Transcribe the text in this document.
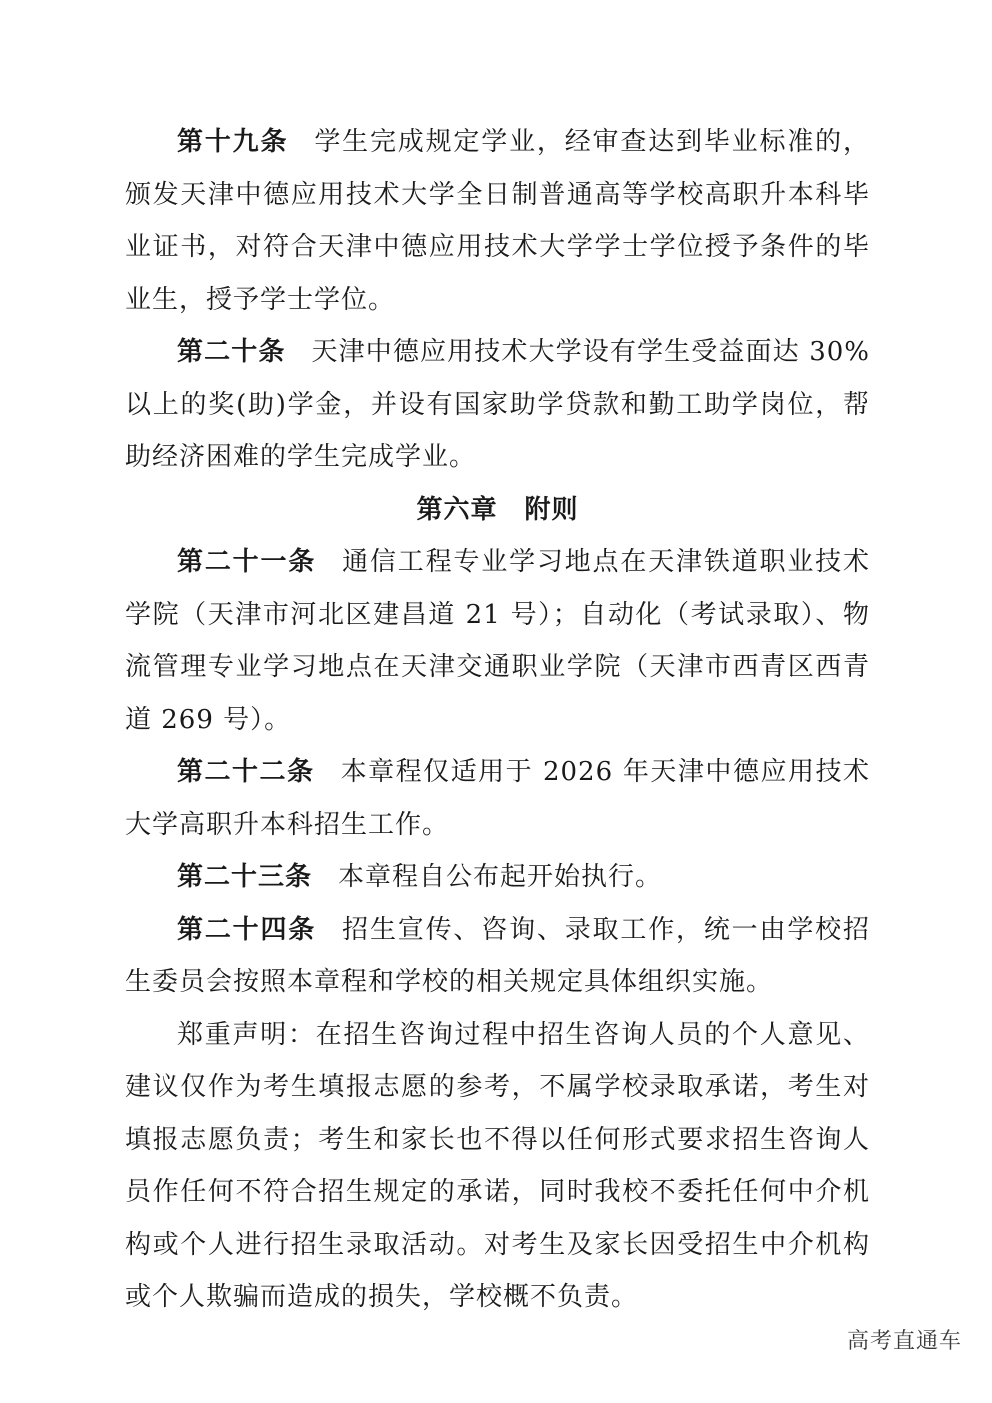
第十九条 学生完成规定学业，经审查达到毕业标准的，颁发天津中德应用技术大学全日制普通高等学校高职升本科毕业证书，对符合天津中德应用技术大学学士学位授予条件的毕业生，授予学士学位。

第二十条 天津中德应用技术大学设有学生受益面达 30%以上的奖(助)学金，并设有国家助学贷款和勤工助学岗位，帮助经济困难的学生完成学业。

第六章　附则

第二十一条 通信工程专业学习地点在天津铁道职业技术学院（天津市河北区建昌道 21 号）；自动化（考试录取）、物流管理专业学习地点在天津交通职业学院（天津市西青区西青道 269 号）。

第二十二条 本章程仅适用于 2026 年天津中德应用技术大学高职升本科招生工作。

第二十三条 本章程自公布起开始执行。

第二十四条 招生宣传、咨询、录取工作，统一由学校招生委员会按照本章程和学校的相关规定具体组织实施。

郑重声明：在招生咨询过程中招生咨询人员的个人意见、建议仅作为考生填报志愿的参考，不属学校录取承诺，考生对填报志愿负责；考生和家长也不得以任何形式要求招生咨询人员作任何不符合招生规定的承诺，同时我校不委托任何中介机构或个人进行招生录取活动。对考生及家长因受招生中介机构或个人欺骗而造成的损失，学校概不负责。

高考直通车
